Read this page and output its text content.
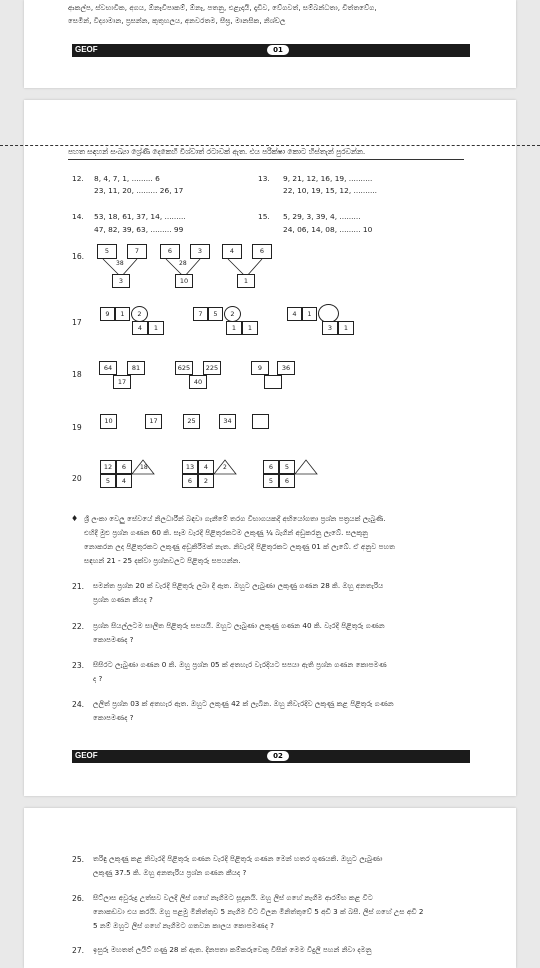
ආකල්ප, ස්වභාවික, අගය, ඕනෑවිපාකම්, ඕනෑ, පතනු, එළැදායි, දෑඩිව, වේගවත්, සම්බන්ධතා, චිත්තවේග,
සෙමින්, විද්‍යාමාන, ප්‍රසන්න, කුතුහලය, අනවරතම, සීඝ්‍ර, මානසික, නිශ්චල
GEOF	01
පහත සඳහන් සංඛ්‍යා ශ්‍රේණි දෙකෙහි විශ්වාත් රටාවක් ඇත. එය පරීක්ෂා කොට හිස්තැන් පුරවන්න.
12. 8, 4, 7, 1, ......... 6
23, 11, 20, ......... 26, 17
13. 9, 21, 12, 16, 19, ..........
22, 10, 19, 15, 12, ..........
14. 53, 18, 61, 37, 14, .........
47, 82, 39, 63, ......... 99
15. 5, 29, 3, 39, 4, .........
24, 06, 14, 08, ......... 10
16.
5	7
38
3
6	3
28
10
4	6
1
17
9	1	2
4	1
7	5	2
1	1
4	1
3	1
18
64	81
17
625	225
40
9	36
19
10	17	25	34
20
12	6	18
5	4
13	4	2
6	2
6	5
5	6
♦ ශ්‍රී ලංකා වෙලු සේවයේ නිලධාරීන් බඳවා ගැනීමේ තරග විභාගයකදී අභියෝගතා ප්‍රශ්න පත්‍රයක් ලැබුණි.
එහිදී මුළු ප්‍රශ්න ගණන 60 කි. සෑම වැරදි පිළිතුරකටම ලකුණු ¼ බැගින් අඩුකරනු ලැබේ. සලකුනු
නොකරන ලද පිළිතුරකට ලකුණු අඩුකිරීමක් නැත. නිවැරදි පිළිතුරකට ලකුණු 01 ක් ලැබේ. ඒ අනුව පහත
සඳහන් 21 - 25 දක්වා ප්‍රශ්නවලට පිළිතුරු සපයන්න.
21. සමන්ත ප්‍රශ්න 20 ක් වැරදි පිළිතුරු ලබා දී ඇත. ඔහුට ලැබුණා ලකුණු ගණන 28 කි. ඔහු අනතැරිය
ප්‍රශ්න ගණන කීයද ?
22. ප්‍රශ්න සියල්ලටම සාලිත පිළිතුරු සපයයි. ඔහුට ලැබුණා ලකුණු ගණන 40 කි. වැරදි පිළිතුරු ගණන
කොපමණද ?
23. සිසිරට ලැබුණා ගණන 0 කි. ඔහු ප්‍රශ්න 05 ක් අතහැර වැරදියට සපයා ඇති ප්‍රශ්න ගණන කොපමණ
ද ?
24. ලලිත් ප්‍රශ්න 03 ක් අතහැර ඇත. ඔහුට ලකුණු 42 ක් ලැබින. ඔහු නිවැරදිව ලකුණු කළ පිළිතුරු ගණන
කොපමණද ?
GEOF	02
25. තරිඳු ලකුණු කළ නිවැරදි පිළිතුරු ගණන වැරදි පිළිතුරු ගණන මෙන් හතර ගුණයකි. ඔහුට ලැබුණා
ලකුණු 37.5 කි. ඔහු අනතැරිය ප්‍රශ්න ගණන කීයද ?
26. සිට්ලාස අවුරුදු උත්සව වලදී ලිස් ගහේ නැගීමට සූදානයි. ඔහු ලිස් ගහේ නැගීම ආරම්භ කළ විට
නොකඩවා එය කරයි. ඔහු පළමු මිනිත්තුව 5 නැගීම විට විලන මිනිත්තුවේ 5 අඩි 3 ක් බසී. ලිස් ගහේ උස අඩි 2
5 නම් ඔහුට ලිස් ගහේ නැගීමට ගතවන කාලය කොපමණද ?
27. ඉසුරු මහතත් ලයිට් ගණු 28 ක් ඇත. දිනපතා කම්කරුවෙකු විසින් මෙම විදුලි පහන් නිවා දමනු
